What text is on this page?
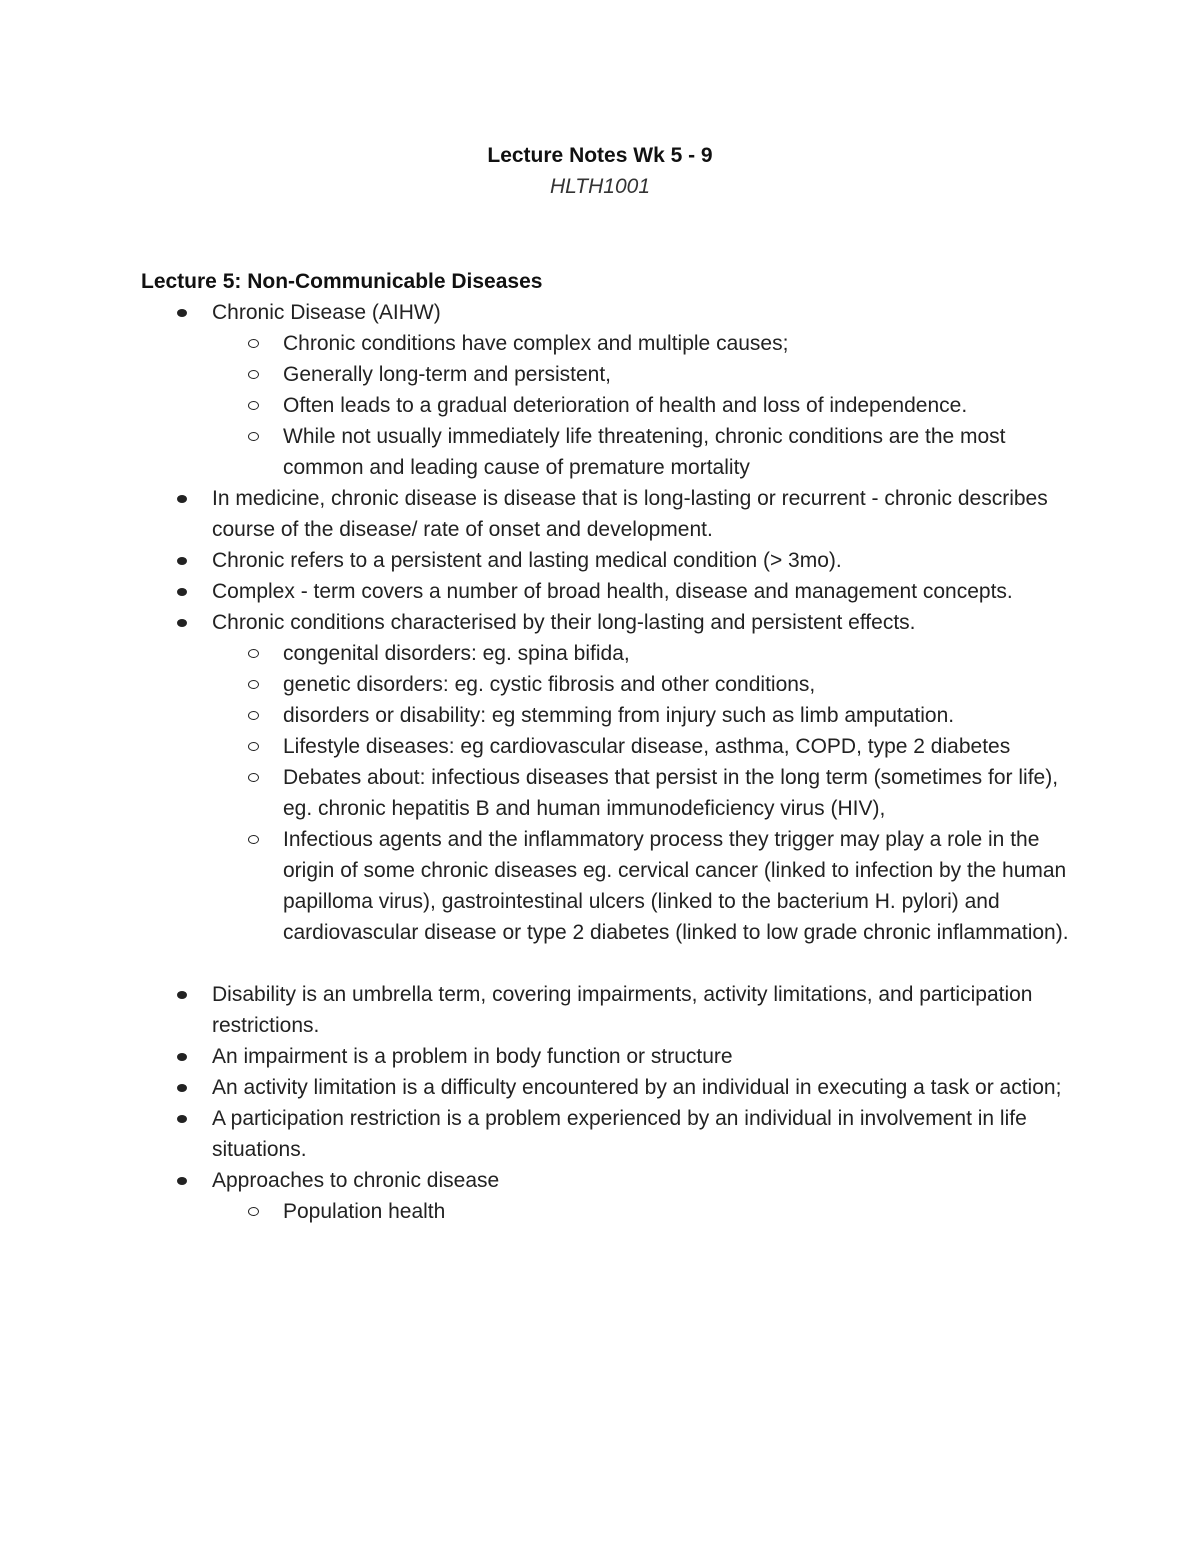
Lecture Notes Wk 5 - 9
HLTH1001
Lecture 5: Non-Communicable Diseases
Chronic Disease (AIHW)
Chronic conditions have complex and multiple causes;
Generally long-term and persistent,
Often leads to a gradual deterioration of health and loss of independence.
While not usually immediately life threatening, chronic conditions are the most common and leading cause of premature mortality
In medicine, chronic disease is disease that is long-lasting or recurrent - chronic describes course of the disease/ rate of onset and development.
Chronic refers to a persistent and lasting medical condition (> 3mo).
Complex - term covers a number of broad health, disease and management concepts.
Chronic conditions characterised by their long-lasting and persistent effects.
congenital disorders: eg. spina bifida,
genetic disorders: eg. cystic fibrosis and other conditions,
disorders or disability: eg stemming from injury such as limb amputation.
Lifestyle diseases: eg cardiovascular disease, asthma, COPD, type 2 diabetes
Debates about: infectious diseases that persist in the long term (sometimes for life), eg. chronic hepatitis B and human immunodeficiency virus (HIV),
Infectious agents and the inflammatory process they trigger may play a role in the origin of some chronic diseases eg. cervical cancer (linked to infection by the human papilloma virus), gastrointestinal ulcers (linked to the bacterium H. pylori) and cardiovascular disease or type 2 diabetes (linked to low grade chronic inflammation).
Disability is an umbrella term, covering impairments, activity limitations, and participation restrictions.
An impairment is a problem in body function or structure
An activity limitation is a difficulty encountered by an individual in executing a task or action;
A participation restriction is a problem experienced by an individual in involvement in life situations.
Approaches to chronic disease
Population health
